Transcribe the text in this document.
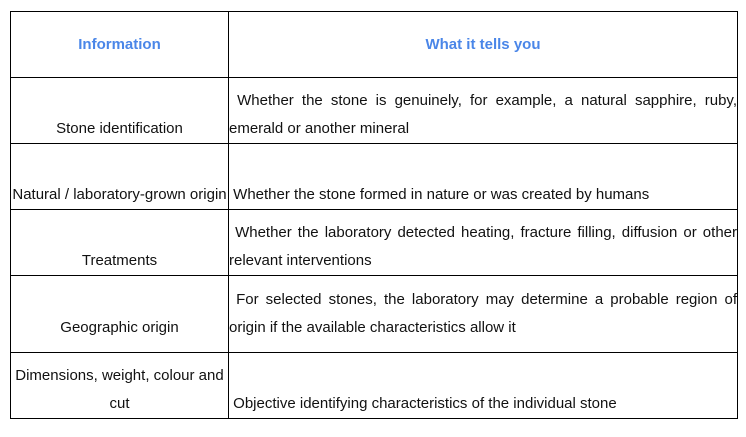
Information	What it tells you
Stone identification	Whether the stone is genuinely, for example, a natural sapphire, ruby, emerald or another mineral
Natural / laboratory-grown origin	Whether the stone formed in nature or was created by humans
Treatments	Whether the laboratory detected heating, fracture filling, diffusion or other relevant interventions
Geographic origin	For selected stones, the laboratory may determine a probable region of origin if the available characteristics allow it
Dimensions, weight, colour and cut	Objective identifying characteristics of the individual stone
